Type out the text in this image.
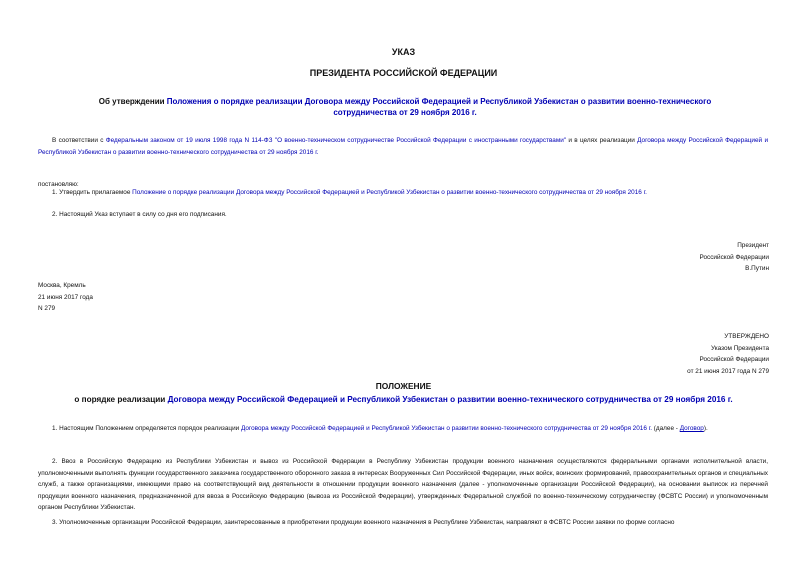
УКАЗ
ПРЕЗИДЕНТА РОССИЙСКОЙ ФЕДЕРАЦИИ
Об утверждении Положения о порядке реализации Договора между Российской Федерацией и Республикой Узбекистан о развитии военно-технического сотрудничества от 29 ноября 2016 г.
В соответствии с Федеральным законом от 19 июля 1998 года N 114-ФЗ "О военно-техническом сотрудничестве Российской Федерации с иностранными государствами" и в целях реализации Договора между Российской Федерацией и Республикой Узбекистан о развитии военно-технического сотрудничества от 29 ноября 2016 г.
постановляю:
1. Утвердить прилагаемое Положение о порядке реализации Договора между Российской Федерацией и Республикой Узбекистан о развитии военно-технического сотрудничества от 29 ноября 2016 г.
2. Настоящий Указ вступает в силу со дня его подписания.
Президент
Российской Федерации
В.Путин
Москва, Кремль
21 июня 2017 года
N 279
УТВЕРЖДЕНО
Указом Президента
Российской Федерации
от 21 июня 2017 года N 279
ПОЛОЖЕНИЕ
о порядке реализации Договора между Российской Федерацией и Республикой Узбекистан о развитии военно-технического сотрудничества от 29 ноября 2016 г.
1. Настоящим Положением определяется порядок реализации Договора между Российской Федерацией и Республикой Узбекистан о развитии военно-технического сотрудничества от 29 ноября 2016 г. (далее - Договор).
2. Ввоз в Российскую Федерацию из Республики Узбекистан и вывоз из Российской Федерации в Республику Узбекистан продукции военного назначения осуществляются федеральными органами исполнительной власти, уполномоченными выполнять функции государственного заказчика государственного оборонного заказа в интересах Вооруженных Сил Российской Федерации, иных войск, воинских формирований, правоохранительных органов и специальных служб, а также организациями, имеющими право на соответствующий вид деятельности в отношении продукции военного назначения (далее - уполномоченные организации Российской Федерации), на основании выписок из перечней продукции военного назначения, предназначенной для ввоза в Российскую Федерацию (вывоза из Российской Федерации), утвержденных Федеральной службой по военно-техническому сотрудничеству (ФСВТС России) и уполномоченным органом Республики Узбекистан.
3. Уполномоченные организации Российской Федерации, заинтересованные в приобретении продукции военного назначения в Республике Узбекистан, направляют в ФСВТС России заявки по форме согласно
